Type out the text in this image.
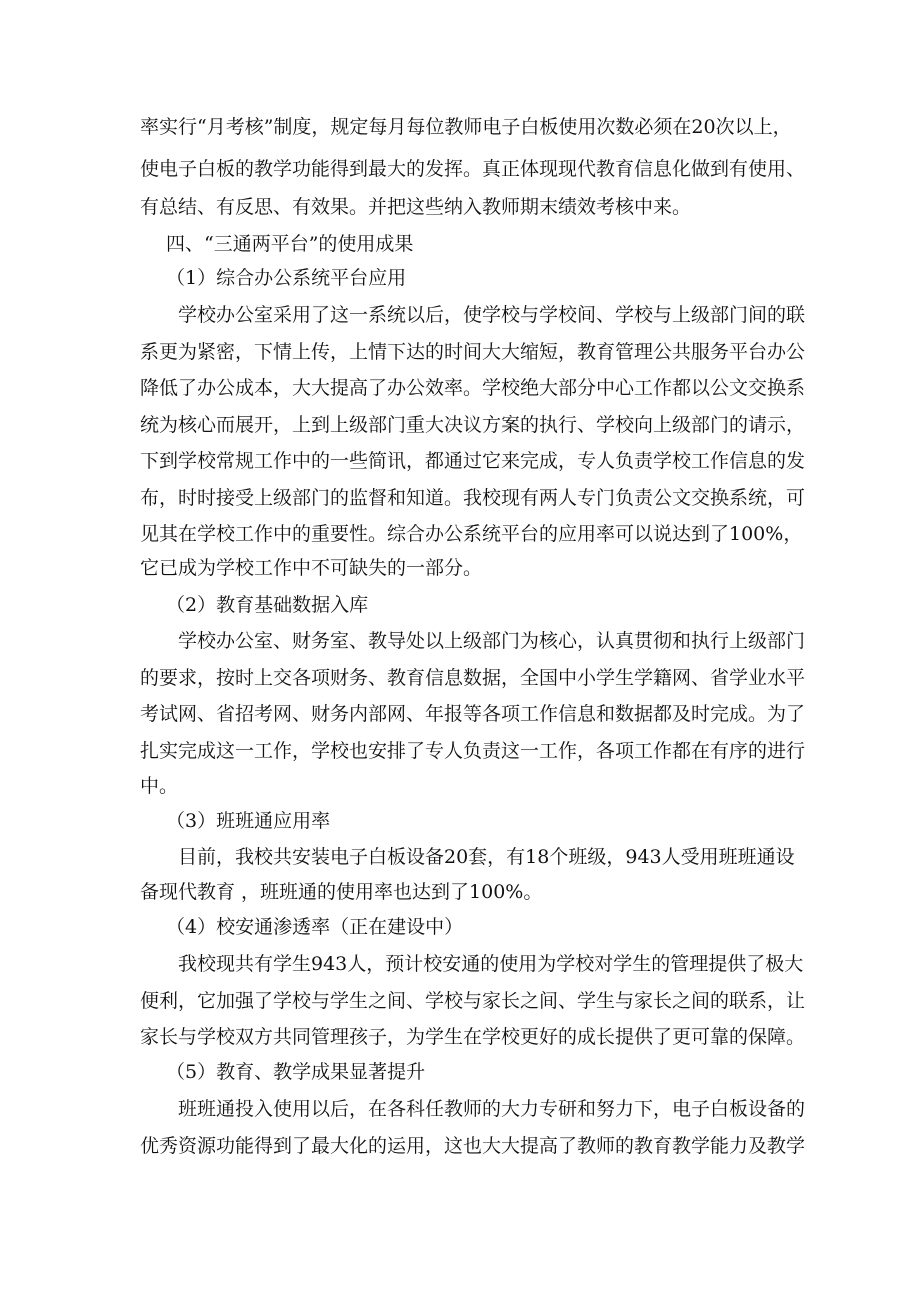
率实行“月考核”制度，规定每月每位教师电子白板使用次数必须在20次以上，
使电子白板的教学功能得到最大的发挥。真正体现现代教育信息化做到有使用、
有总结、有反思、有效果。并把这些纳入教师期末绩效考核中来。
四、“三通两平台”的使用成果
（1）综合办公系统平台应用
学校办公室采用了这一系统以后，使学校与学校间、学校与上级部门间的联
系更为紧密，下情上传，上情下达的时间大大缩短，教育管理公共服务平台办公
降低了办公成本，大大提高了办公效率。学校绝大部分中心工作都以公文交换系
统为核心而展开，上到上级部门重大决议方案的执行、学校向上级部门的请示，
下到学校常规工作中的一些简讯，都通过它来完成，专人负责学校工作信息的发
布，时时接受上级部门的监督和知道。我校现有两人专门负责公文交换系统，可
见其在学校工作中的重要性。综合办公系统平台的应用率可以说达到了100%，
它已成为学校工作中不可缺失的一部分。
（2）教育基础数据入库
学校办公室、财务室、教导处以上级部门为核心，认真贯彻和执行上级部门
的要求，按时上交各项财务、教育信息数据，全国中小学生学籍网、省学业水平
考试网、省招考网、财务内部网、年报等各项工作信息和数据都及时完成。为了
扎实完成这一工作，学校也安排了专人负责这一工作，各项工作都在有序的进行
中。
（3）班班通应用率
目前，我校共安装电子白板设备20套，有18个班级，943人受用班班通设
备现代教育 ，班班通的使用率也达到了100%。
（4）校安通渗透率（正在建设中）
我校现共有学生943人，预计校安通的使用为学校对学生的管理提供了极大
便利，它加强了学校与学生之间、学校与家长之间、学生与家长之间的联系，让
家长与学校双方共同管理孩子，为学生在学校更好的成长提供了更可靠的保障。
（5）教育、教学成果显著提升
班班通投入使用以后，在各科任教师的大力专研和努力下，电子白板设备的
优秀资源功能得到了最大化的运用，这也大大提高了教师的教育教学能力及教学
